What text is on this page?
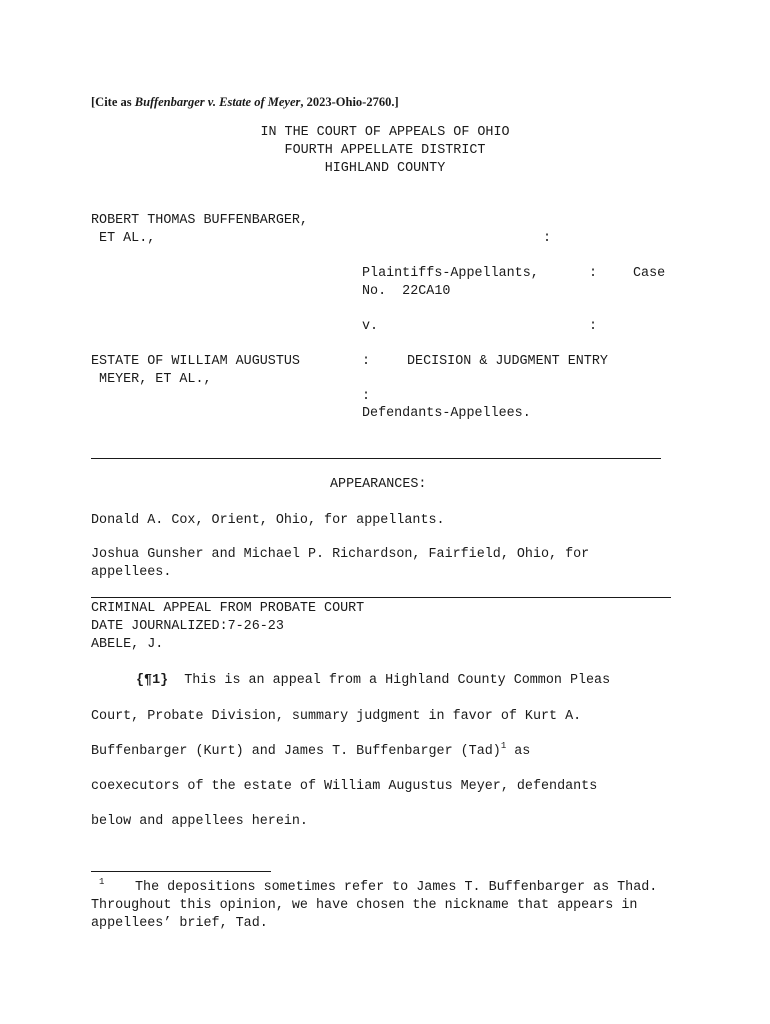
[Cite as Buffenbarger v. Estate of Meyer, 2023-Ohio-2760.]
IN THE COURT OF APPEALS OF OHIO
FOURTH APPELLATE DISTRICT
HIGHLAND COUNTY
ROBERT THOMAS BUFFENBARGER,
ET AL.,	:
Plaintiffs-Appellants,	:	Case
No.  22CA10
v.	:
ESTATE OF WILLIAM AUGUSTUS
MEYER, ET AL.,
:	DECISION & JUDGMENT ENTRY
:
Defendants-Appellees.
APPEARANCES:
Donald A. Cox, Orient, Ohio, for appellants.
Joshua Gunsher and Michael P. Richardson, Fairfield, Ohio, for
appellees.
CRIMINAL APPEAL FROM PROBATE COURT
DATE JOURNALIZED:7-26-23
ABELE, J.
{¶1}  This is an appeal from a Highland County Common Pleas
Court, Probate Division, summary judgment in favor of Kurt A.
Buffenbarger (Kurt) and James T. Buffenbarger (Tad)$^1$ as
coexecutors of the estate of William Augustus Meyer, defendants
below and appellees herein.
$^1$ The depositions sometimes refer to James T. Buffenbarger as Thad. Throughout this opinion, we have chosen the nickname that appears in appellees’ brief, Tad.
